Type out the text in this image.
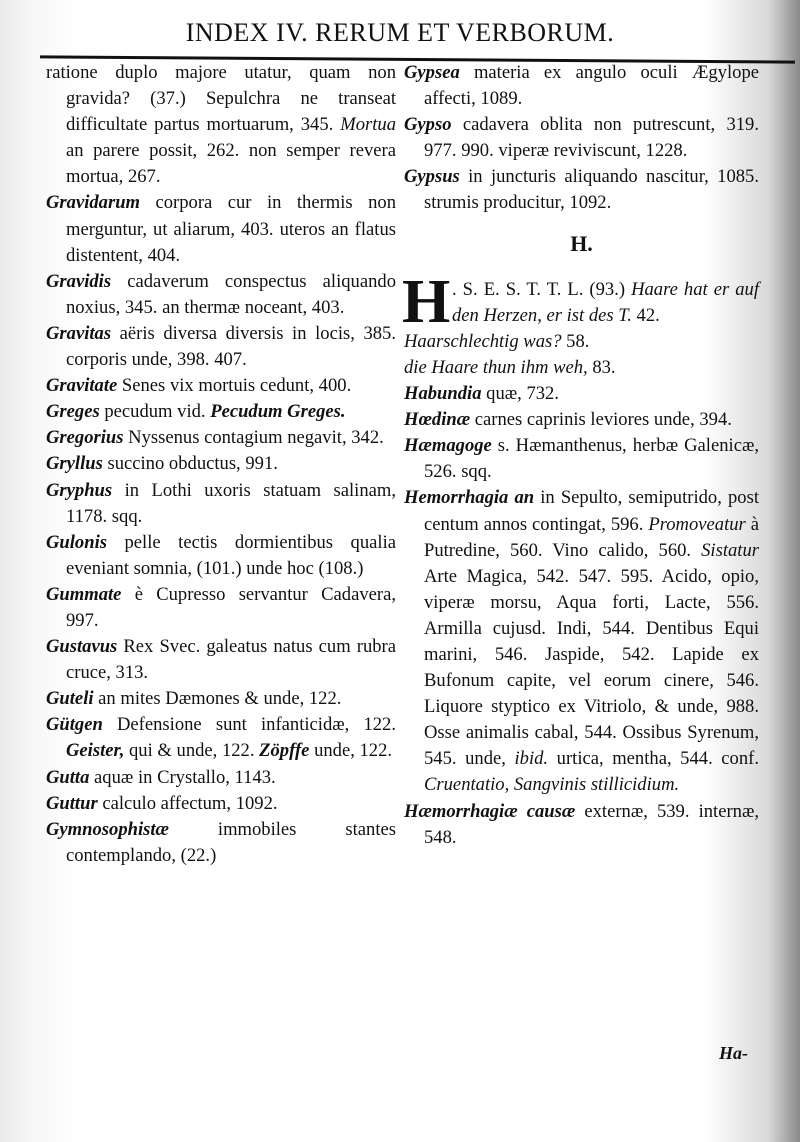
INDEX IV. RERUM ET VERBORUM.

ratione duplo majore utatur, quam non gravida? (37.) Sepulchra ne transeat difficultate partus mortuarum, 345. Mortua an parere possit, 262. non semper revera mortua, 267.

Gravidarum corpora cur in thermis non merguntur, ut aliarum, 403. uteros an flatus distentent, 404.

Gravidis cadaverum conspectus aliquando noxius, 345. an thermæ noceant, 403.

Gravitas aëris diversa diversis in locis, 385. corporis unde, 398. 407.

Gravitate Senes vix mortuis cedunt, 400.

Greges pecudum vid. Pecudum Greges.

Gregorius Nyssenus contagium negavit, 342.

Gryllus succino obductus, 991.

Gryphus in Lothi uxoris statuam salinam, 1178. sqq.

Gulonis pelle tectis dormientibus qualia eveniant somnia, (101.) unde hoc (108.)

Gummate è Cupresso servantur Cadavera, 997.

Gustavus Rex Svec. galeatus natus cum rubra cruce, 313.

Guteli an mites Dæmones & unde, 122.

Gütgen Defensione sunt infanticidæ, 122. Geister, qui & unde, 122. Zöpffe unde, 122.

Gutta aquæ in Crystallo, 1143.

Guttur calculo affectum, 1092.

Gymnosophistæ immobiles stantes contemplando, (22.)

Gypsea materia ex angulo oculi Ægylope affecti, 1089.

Gypso cadavera oblita non putrescunt, 319. 977. 990. viperæ reviviscunt, 1228.

Gypsus in juncturis aliquando nascitur, 1085. strumis producitur, 1092.

H.

H . S. E. S. T. T. L. (93.) Haare hat er auf den Herzen, er ist des T. 42.

Haarschlechtig was? 58.

die Haare thun ihm weh, 83.

Habundia quæ, 732.

Hœdinæ carnes caprinis leviores unde, 394.

Hæmagoge s. Hæmanthenus, herbæ Galenicæ, 526. sqq.

Hemorrhagia an in Sepulto, semiputrido, post centum annos contingat, 596. Promoveatur à Putredine, 560. Vino calido, 560. Sistatur Arte Magica, 542. 547. 595. Acido, opio, viperæ morsu, Aqua forti, Lacte, 556. Armilla cujusd. Indi, 544. Dentibus Equi marini, 546. Jaspide, 542. Lapide ex Bufonum capite, vel eorum cinere, 546. Liquore styptico ex Vitriolo, & unde, 988. Osse animalis cabal, 544. Ossibus Syrenum, 545. unde, ibid. urtica, mentha, 544. conf. Cruentatio, Sangvinis stillicidium.

Hæmorrhagiæ causæ externæ, 539. internæ, 548.

Ha-
